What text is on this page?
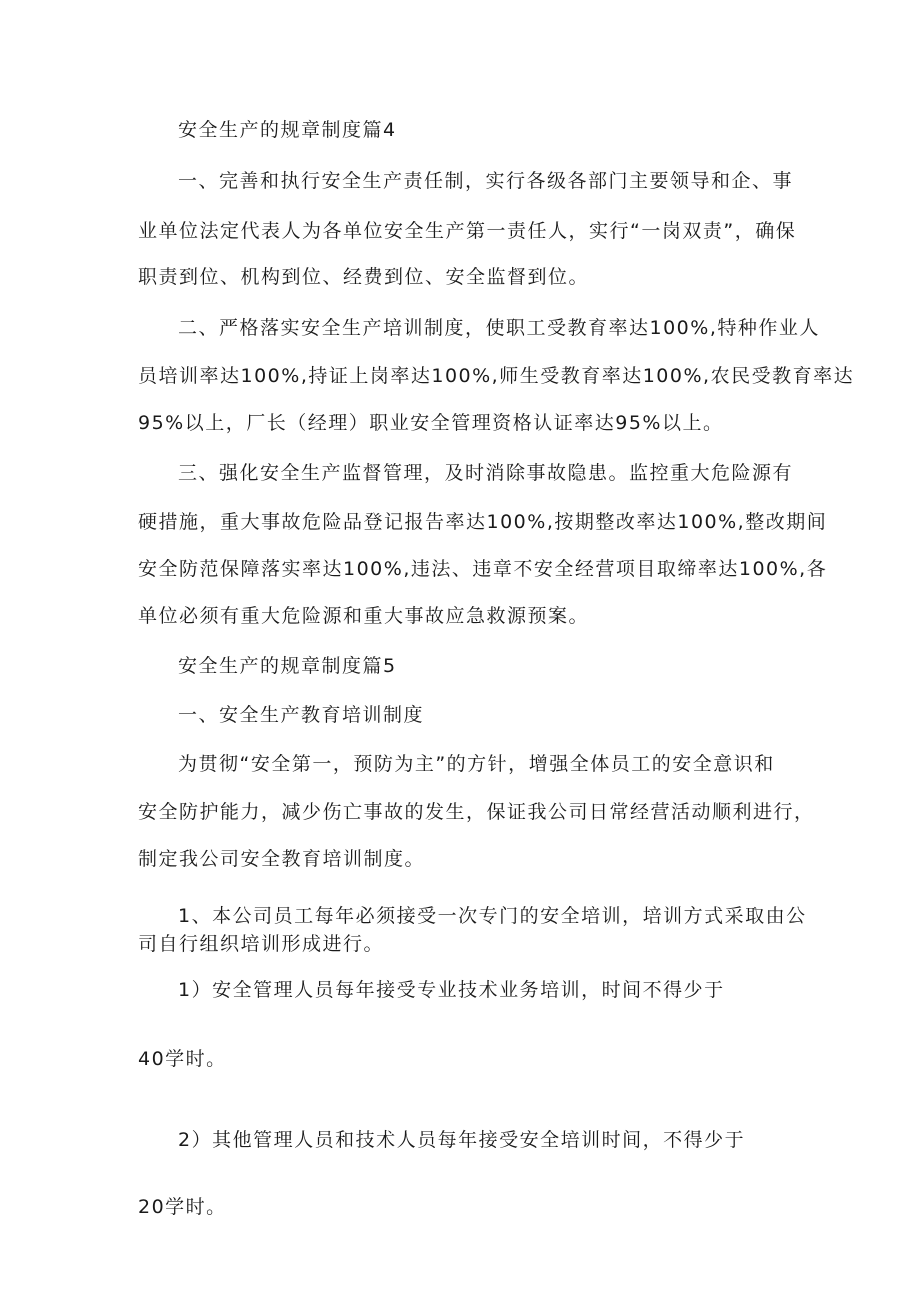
安全生产的规章制度篇4
一、完善和执行安全生产责任制，实行各级各部门主要领导和企、事
业单位法定代表人为各单位安全生产第一责任人，实行“一岗双责”，确保
职责到位、机构到位、经费到位、安全监督到位。
二、严格落实安全生产培训制度，使职工受教育率达100%,特种作业人
员培训率达100%,持证上岗率达100%,师生受教育率达100%,农民受教育率达
95%以上，厂长（经理）职业安全管理资格认证率达95%以上。
三、强化安全生产监督管理，及时消除事故隐患。监控重大危险源有
硬措施，重大事故危险品登记报告率达100%,按期整改率达100%,整改期间
安全防范保障落实率达100%,违法、违章不安全经营项目取缔率达100%,各
单位必须有重大危险源和重大事故应急救源预案。
安全生产的规章制度篇5
一、安全生产教育培训制度
为贯彻“安全第一，预防为主”的方针，增强全体员工的安全意识和
安全防护能力，减少伤亡事故的发生，保证我公司日常经营活动顺利进行，
制定我公司安全教育培训制度。
1、本公司员工每年必须接受一次专门的安全培训，培训方式采取由公
司自行组织培训形成进行。
1）安全管理人员每年接受专业技术业务培训，时间不得少于
40学时。
2）其他管理人员和技术人员每年接受安全培训时间，不得少于
20学时。
